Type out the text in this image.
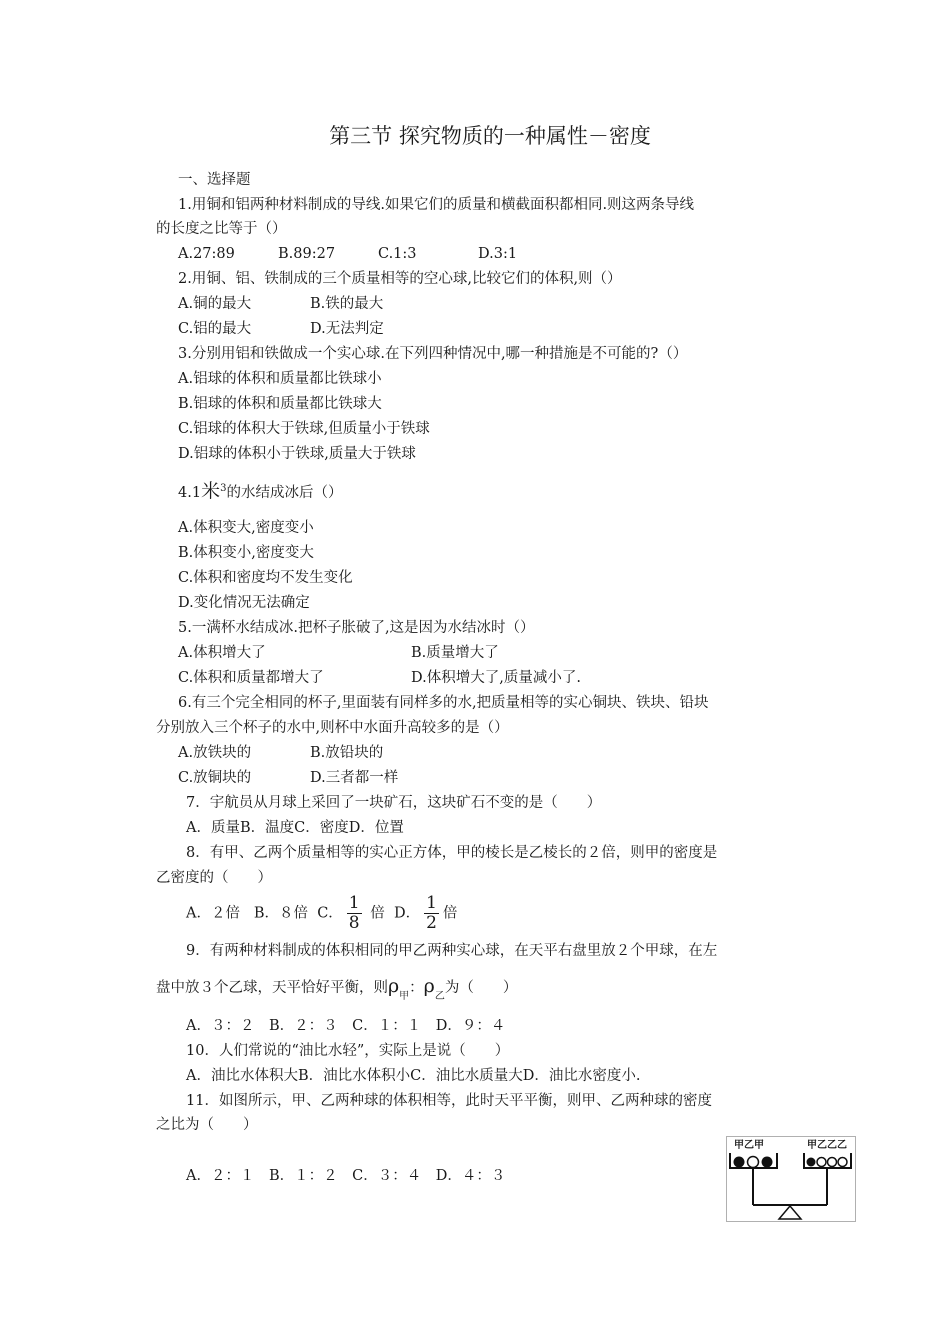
第三节 探究物质的一种属性－密度
一、选择题
1.用铜和铝两种材料制成的导线.如果它们的质量和横截面积都相同.则这两条导线
的长度之比等于（）
A.27:89	B.89:27	C.1:3	D.3:1
2.用铜、铝、铁制成的三个质量相等的空心球,比较它们的体积,则（）
A.铜的最大	B.铁的最大
C.铝的最大	D.无法判定
3.分别用铝和铁做成一个实心球.在下列四种情况中,哪一种措施是不可能的?（）
A.铝球的体积和质量都比铁球小
B.铝球的体积和质量都比铁球大
C.铝球的体积大于铁球,但质量小于铁球
D.铝球的体积小于铁球,质量大于铁球
4.1米$^3$的水结成冰后（）
A.体积变大,密度变小
B.体积变小,密度变大
C.体积和密度均不发生变化
D.变化情况无法确定
5.一满杯水结成冰.把杯子胀破了,这是因为水结冰时（）
A.体积增大了	B.质量增大了
C.体积和质量都增大了	D.体积增大了,质量减小了.
6.有三个完全相同的杯子,里面装有同样多的水,把质量相等的实心铜块、铁块、铅块
分别放入三个杯子的水中,则杯中水面升高较多的是（）
A.放铁块的	B.放铅块的
C.放铜块的	D.三者都一样
7．宇航员从月球上采回了一块矿石，这块矿石不变的是（　　）
A．质量B．温度C．密度D．位置
8．有甲、乙两个质量相等的实心正方体，甲的棱长是乙棱长的２倍，则甲的密度是
乙密度的（　　）
A．２倍 B．８倍 C． $\frac{1}{8}$ 倍 D． $\frac{1}{2}$ 倍
9．有两种材料制成的体积相同的甲乙两种实心球，在天平右盘里放２个甲球，在左
盘中放３个乙球，天平恰好平衡，则$\rho_甲$：$\rho_乙$为（　　）
A．３：２　B．２：３　C．１：１　D．９：４
10．人们常说的“油比水轻”，实际上是说（　　）
A．油比水体积大B．油比水体积小C．油比水质量大D．油比水密度小.
11．如图所示，甲、乙两种球的体积相等，此时天平平衡，则甲、乙两种球的密度
之比为（　　）
A．２：１　B．１：２　C．３：４　D．４：３
甲乙甲	甲乙乙乙
